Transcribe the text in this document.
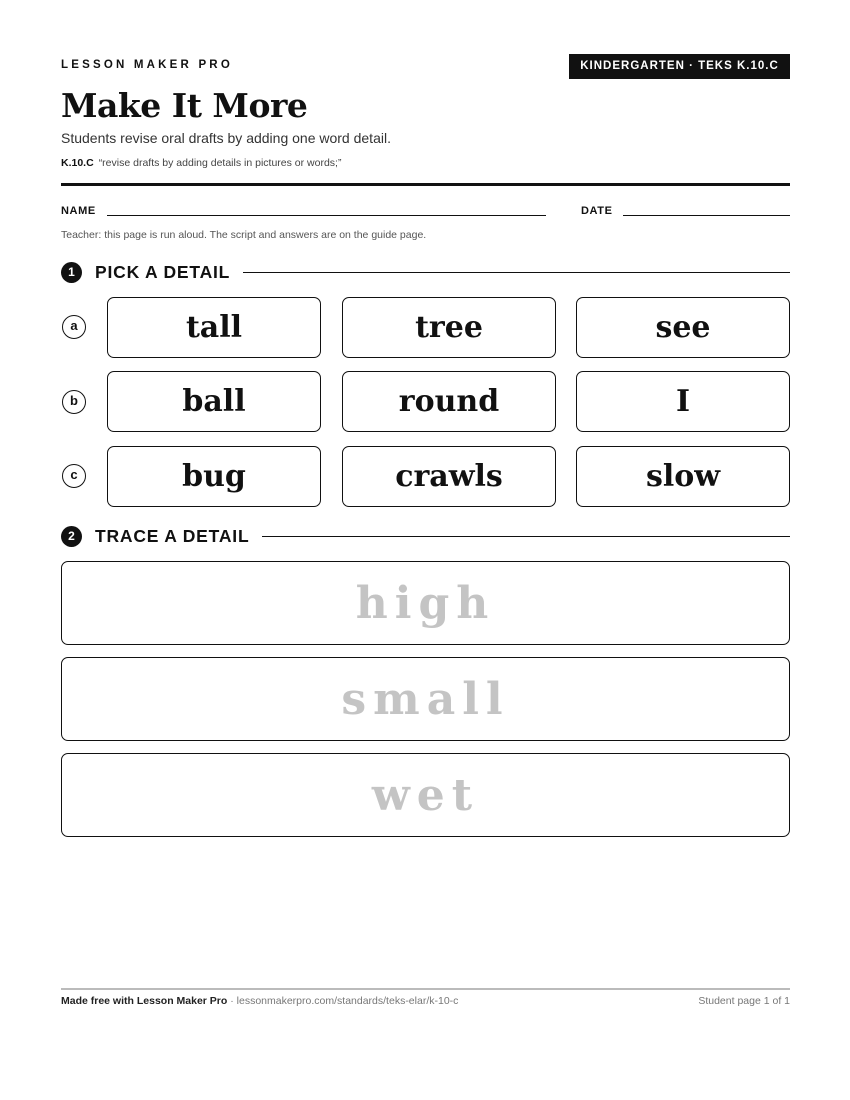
LESSON MAKER PRO	KINDERGARTEN · TEKS K.10.C
Make It More
Students revise oral drafts by adding one word detail.
K.10.C “revise drafts by adding details in pictures or words;”
NAME	DATE
Teacher: this page is run aloud. The script and answers are on the guide page.
1	PICK A DETAIL
a	tall	tree	see
b	ball	round	I
c	bug	crawls	slow
2	TRACE A DETAIL
high
small
wet
Made free with Lesson Maker Pro · lessonmakerpro.com/standards/teks-elar/k-10-c	Student page 1 of 1
